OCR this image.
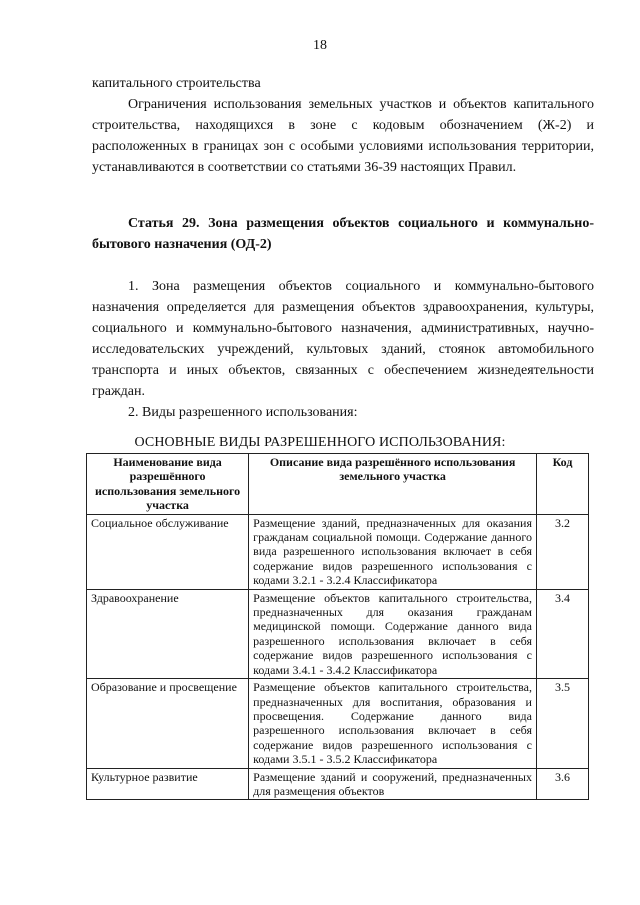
18

капитального строительства

Ограничения использования земельных участков и объектов капитального строительства, находящихся в зоне с кодовым обозначением (Ж-2) и расположенных в границах зон с особыми условиями использования территории, устанавливаются в соответствии со статьями 36-39 настоящих Правил.

Статья 29. Зона размещения объектов социального и коммунально-бытового назначения (ОД-2)

1. Зона размещения объектов социального и коммунально-бытового назначения определяется для размещения объектов здравоохранения, культуры, социального и коммунально-бытового назначения, административных, научно-исследовательских учреждений, культовых зданий, стоянок автомобильного транспорта и иных объектов, связанных с обеспечением жизнедеятельности граждан.

2. Виды разрешенного использования:

ОСНОВНЫЕ ВИДЫ РАЗРЕШЕННОГО ИСПОЛЬЗОВАНИЯ:
Наименование вида разрешённого использования земельного участка	Описание вида разрешённого использования земельного участка	Код
Социальное обслуживание	Размещение зданий, предназначенных для оказания гражданам социальной помощи. Содержание данного вида разрешенного использования включает в себя содержание видов разрешенного использования с кодами 3.2.1 - 3.2.4 Классификатора	3.2
Здравоохранение	Размещение объектов капитального строительства, предназначенных для оказания гражданам медицинской помощи. Содержание данного вида разрешенного использования включает в себя содержание видов разрешенного использования с кодами 3.4.1 - 3.4.2 Классификатора	3.4
Образование и просвещение	Размещение объектов капитального строительства, предназначенных для воспитания, образования и просвещения. Содержание данного вида разрешенного использования включает в себя содержание видов разрешенного использования с кодами 3.5.1 - 3.5.2 Классификатора	3.5
Культурное развитие	Размещение зданий и сооружений, предназначенных для размещения объектов	3.6
